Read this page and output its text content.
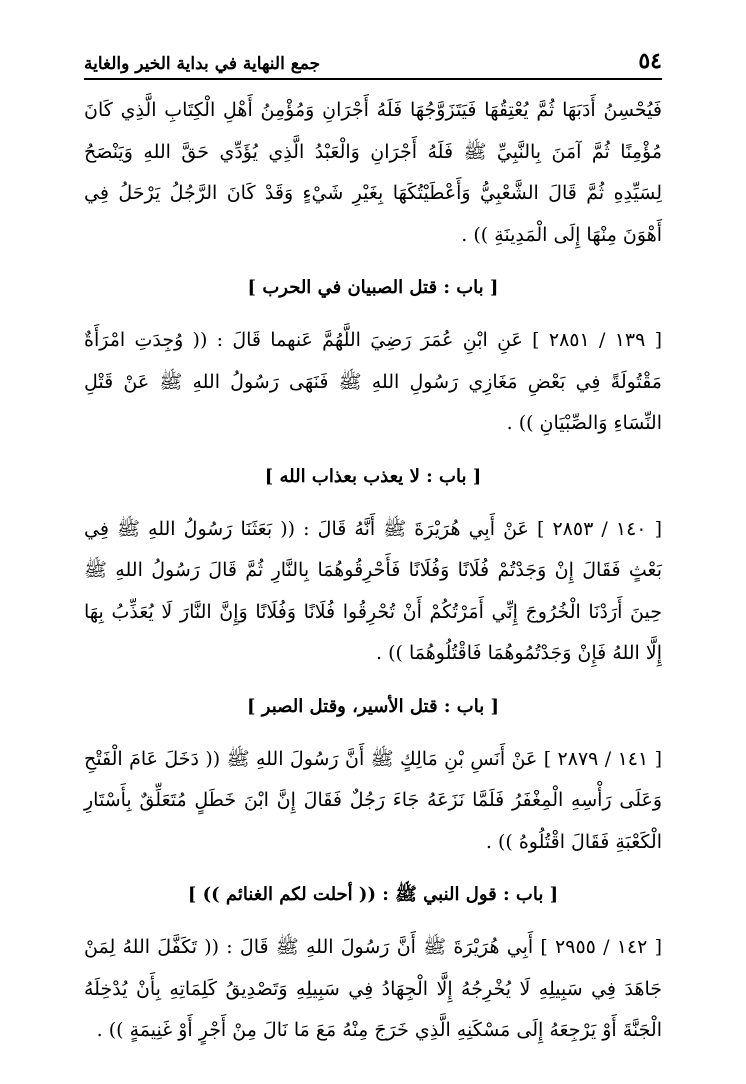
٥٤
جمع النهاية في بداية الخير والغاية

فَيُحْسِنُ أَدَبَهَا ثُمَّ يُعْتِقُهَا فَيَتَزَوَّجُهَا فَلَهُ أَجْرَانِ وَمُؤْمِنُ أَهْلِ الْكِتَابِ الَّذِي كَانَ مُؤْمِنًا ثُمَّ آمَنَ بِالنَّبِيِّ ﷺ فَلَهُ أَجْرَانِ وَالْعَبْدُ الَّذِي يُؤَدِّي حَقَّ اللهِ وَيَنْصَحُ لِسَيِّدِهِ ثُمَّ قَالَ الشَّعْبِيُّ وَأَعْطَيْتُكَهَا بِغَيْرِ شَيْءٍ وَقَدْ كَانَ الرَّجُلُ يَرْحَلُ فِي أَهْوَنَ مِنْهَا إِلَى الْمَدِينَةِ )) .

[ باب : قتل الصبيان في الحرب ]

[ ١٣٩ / ٢٨٥١ ] عَنِ ابْنِ عُمَرَ رَضِيَ اللَّهُمَّ عَنهما قَالَ : (( وُجِدَتِ امْرَأَةٌ مَقْتُولَةً فِي بَعْضِ مَغَازِي رَسُولِ اللهِ ﷺ فَنَهَى رَسُولُ اللهِ ﷺ عَنْ قَتْلِ النِّسَاءِ وَالصِّبْيَانِ )) .

[ باب : لا يعذب بعذاب الله ]

[ ١٤٠ / ٢٨٥٣ ] عَنْ أَبِي هُرَيْرَةَ ﷺ أَنَّهُ قَالَ : (( بَعَثَنَا رَسُولُ اللهِ ﷺ فِي بَعْثٍ فَقَالَ إِنْ وَجَدْتُمْ فُلَانًا وَفُلَانًا فَأَحْرِقُوهُمَا بِالنَّارِ ثُمَّ قَالَ رَسُولُ اللهِ ﷺ حِينَ أَرَدْنَا الْخُرُوجَ إِنِّي أَمَرْتُكُمْ أَنْ تُحْرِقُوا فُلَانًا وَفُلَانًا وَإِنَّ النَّارَ لَا يُعَذِّبُ بِهَا إِلَّا اللهُ فَإِنْ وَجَدْتُمُوهُمَا فَاقْتُلُوهُمَا )) .

[ باب : قتل الأسير، وقتل الصبر ]

[ ١٤١ / ٢٨٧٩ ] عَنْ أَنَسِ بْنِ مَالِكٍ ﷺ أَنَّ رَسُولَ اللهِ ﷺ (( دَخَلَ عَامَ الْفَتْحِ وَعَلَى رَأْسِهِ الْمِغْفَرُ فَلَمَّا نَزَعَهُ جَاءَ رَجُلٌ فَقَالَ إِنَّ ابْنَ خَطَلٍ مُتَعَلِّقٌ بِأَسْتَارِ الْكَعْبَةِ فَقَالَ اقْتُلُوهُ )) .

[ باب : قول النبي ﷺ : (( أحلت لكم الغنائم )) ]

[ ١٤٢ / ٢٩٥٥ ] أَبِي هُرَيْرَةَ ﷺ أَنَّ رَسُولَ اللهِ ﷺ قَالَ : (( تَكَفَّلَ اللهُ لِمَنْ جَاهَدَ فِي سَبِيلِهِ لَا يُخْرِجُهُ إِلَّا الْجِهَادُ فِي سَبِيلِهِ وَتَصْدِيقُ كَلِمَاتِهِ بِأَنْ يُدْخِلَهُ الْجَنَّةَ أَوْ يَرْجِعَهُ إِلَى مَسْكَنِهِ الَّذِي خَرَجَ مِنْهُ مَعَ مَا نَالَ مِنْ أَجْرٍ أَوْ غَنِيمَةٍ )) .
